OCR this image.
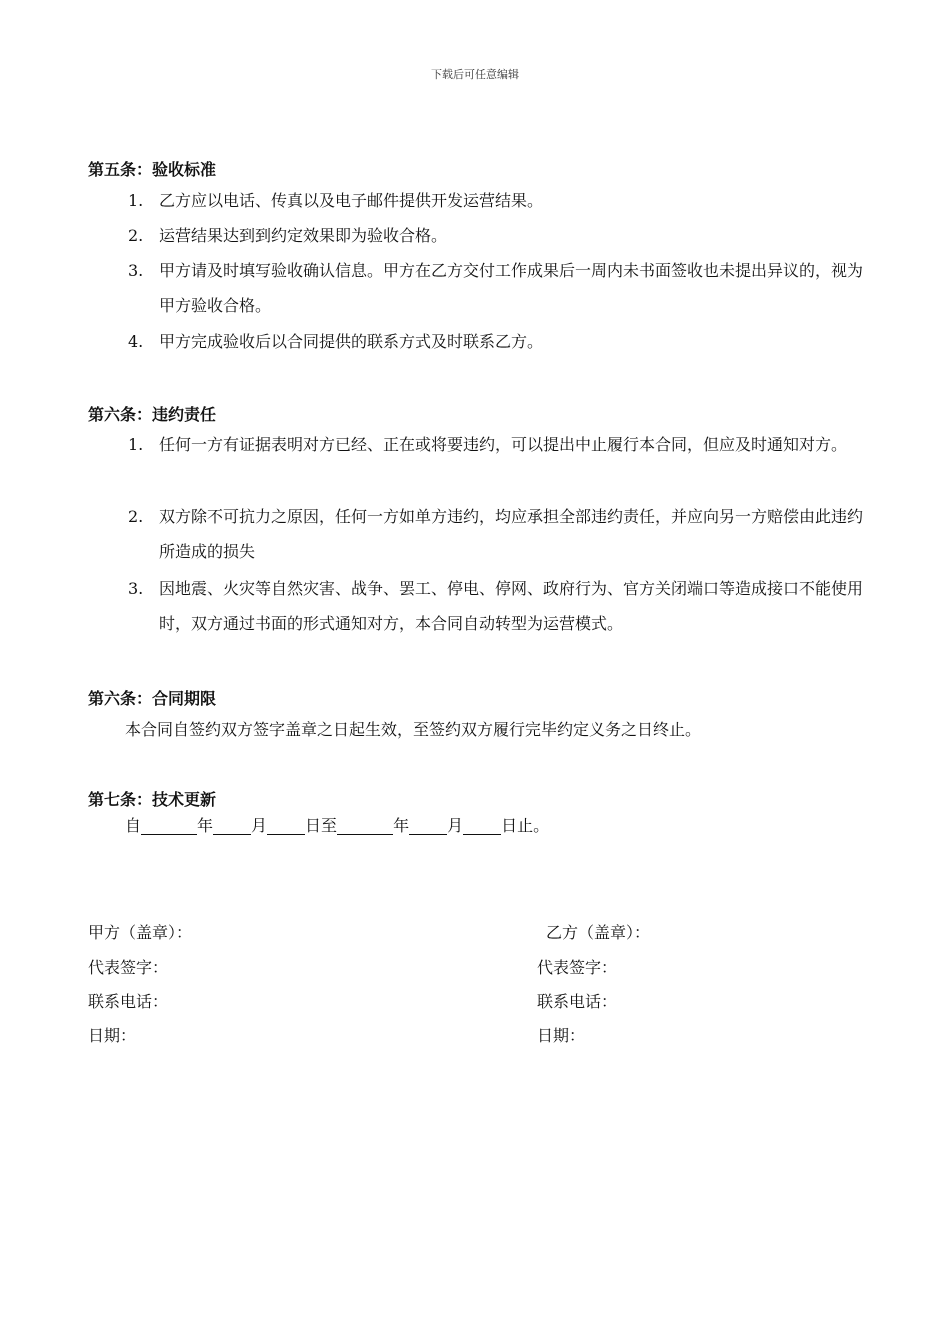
下载后可任意编辑
第五条：验收标准
1. 乙方应以电话、传真以及电子邮件提供开发运营结果。
2. 运营结果达到到约定效果即为验收合格。
3. 甲方请及时填写验收确认信息。甲方在乙方交付工作成果后一周内未书面签收也未提出异议的，视为甲方验收合格。
4. 甲方完成验收后以合同提供的联系方式及时联系乙方。
第六条：违约责任
1. 任何一方有证据表明对方已经、正在或将要违约，可以提出中止履行本合同，但应及时通知对方。
2. 双方除不可抗力之原因，任何一方如单方违约，均应承担全部违约责任，并应向另一方赔偿由此违约所造成的损失
3. 因地震、火灾等自然灾害、战争、罢工、停电、停网、政府行为、官方关闭端口等造成接口不能使用时，双方通过书面的形式通知对方，本合同自动转型为运营模式。
第六条：合同期限
本合同自签约双方签字盖章之日起生效，至签约双方履行完毕约定义务之日终止。
第七条：技术更新
自	年 月 日至	年 月 日止。
甲方（盖章）：
代表签字：
联系电话：
日期：
乙方（盖章）：
代表签字：
联系电话：
日期：
